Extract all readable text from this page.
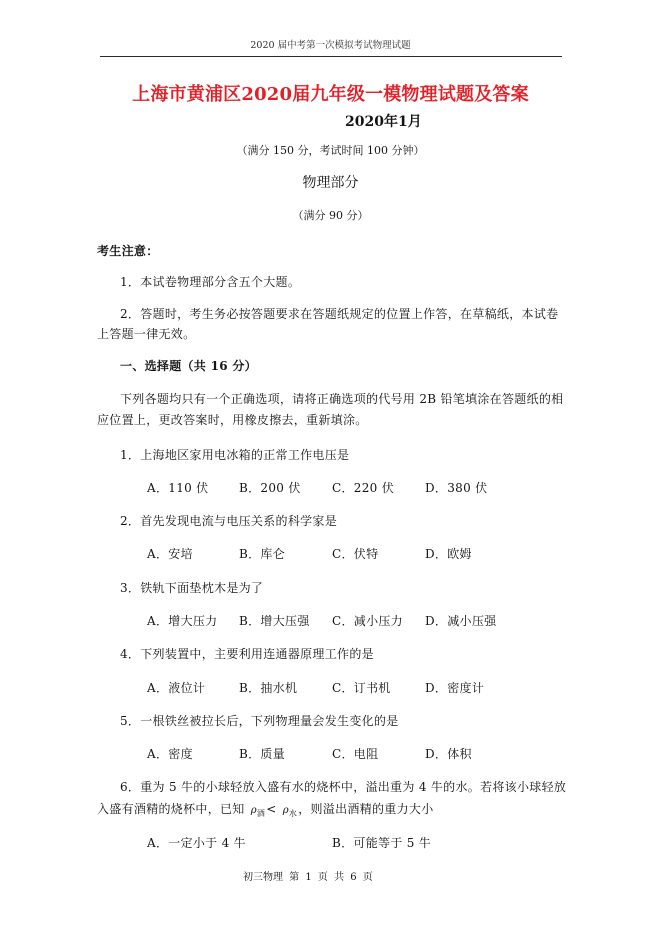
2020 届中考第一次模拟考试物理试题
上海市黄浦区2020届九年级一模物理试题及答案
2020年1月
（满分 150 分，考试时间 100 分钟）
物理部分
（满分 90 分）
考生注意：
1．本试卷物理部分含五个大题。
2．答题时，考生务必按答题要求在答题纸规定的位置上作答，在草稿纸，本试卷
上答题一律无效。
一、选择题（共 16 分）
下列各题均只有一个正确选项，请将正确选项的代号用 2B 铅笔填涂在答题纸的相
应位置上，更改答案时，用橡皮擦去，重新填涂。
1．上海地区家用电冰箱的正常工作电压是
A．110 伏	B．200 伏	C．220 伏	D．380 伏
2．首先发现电流与电压关系的科学家是
A．安培	B．库仑	C．伏特	D．欧姆
3．铁轨下面垫枕木是为了
A．增大压力 B．增大压强 C．减小压力 D．减小压强
4．下列装置中，主要利用连通器原理工作的是
A．液位计	B．抽水机	C．订书机	D．密度计
5．一根铁丝被拉长后，下列物理量会发生变化的是
A．密度	B．质量	C．电阻	D．体积
6．重为 5 牛的小球轻放入盛有水的烧杯中，溢出重为 4 牛的水。若将该小球轻放
入盛有酒精的烧杯中，已知 $\rho_酒< \rho_水$，则溢出酒精的重力大小
A．一定小于 4 牛	B．可能等于 5 牛
初三物理 第 1 页 共 6 页
